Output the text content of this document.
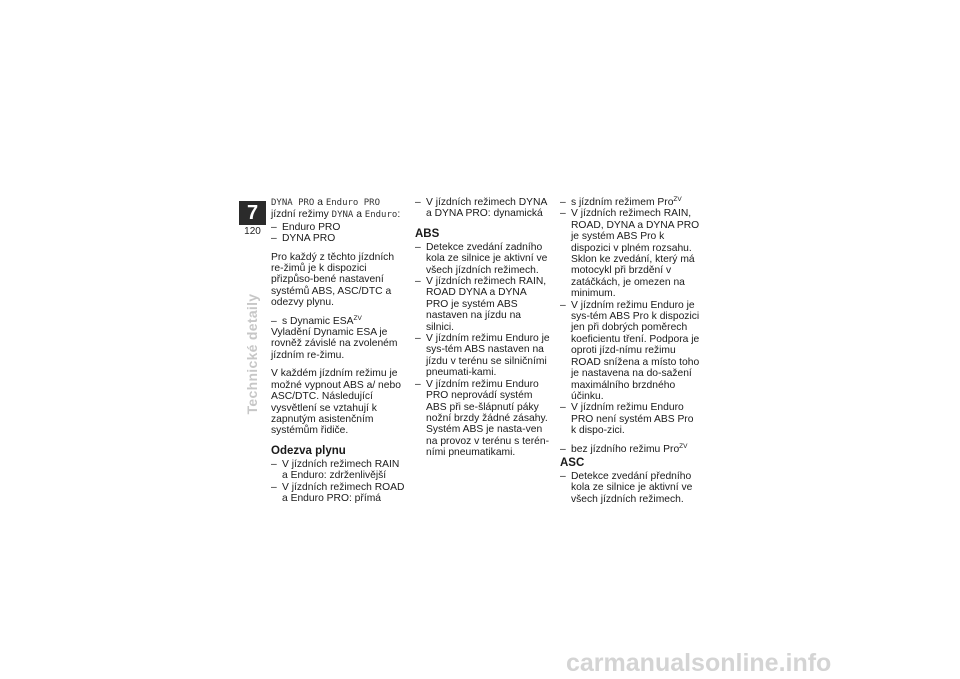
7
120
Technické detaily

DYNA PRO a Enduro PRO jízdní režimy DYNA a Enduro:

– Enduro PRO

– DYNA PRO

Pro každý z těchto jízdních re-žimů je k dispozici přizpůso-bené nastavení systémů ABS, ASC/DTC a odezvy plynu.

– s Dynamic $ESA^{ZV}$

Vyladění Dynamic ESA je rovněž závislé na zvoleném jízdním re-žimu.

V každém jízdním režimu je možné vypnout ABS a/ nebo ASC/DTC. Následující vysvětlení se vztahují k zapnutým asistenčním systémům řidiče.

Odezva plynu

– V jízdních režimech RAIN a Enduro: zdrženlivější

– V jízdních režimech ROAD a Enduro PRO: přímá

– V jízdních režimech DYNA a DYNA PRO: dynamická

ABS

– Detekce zvedání zadního kola ze silnice je aktivní ve všech jízdních režimech.

– V jízdních režimech RAIN, ROAD DYNA a DYNA PRO je systém ABS nastaven na jízdu na silnici.

– V jízdním režimu Enduro je sys-tém ABS nastaven na jízdu v terénu se silničními pneumati-kami.

– V jízdním režimu Enduro PRO neprovádí systém ABS při se-šlápnutí páky nožní brzdy žádné zásahy. Systém ABS je nasta-ven na provoz v terénu s terén-ními pneumatikami.

– s jízdním režimem Pro$^{ZV}$

– V jízdních režimech RAIN, ROAD, DYNA a DYNA PRO je systém ABS Pro k dispozici v plném rozsahu. Sklon ke zvedání, který má motocykl při brzdění v zatáčkách, je omezen na minimum.

– V jízdním režimu Enduro je sys-tém ABS Pro k dispozici jen při dobrých poměrech koeficientu tření. Podpora je oproti jízd-nímu režimu ROAD snížena a místo toho je nastavena na do-sažení maximálního brzdného účinku.

– V jízdním režimu Enduro PRO není systém ABS Pro k dispo-zici.

– bez jízdního režimu Pro$^{ZV}$

ASC

– Detekce zvedání předního kola ze silnice je aktivní ve všech jízdních režimech.

carmanualsonline.info
